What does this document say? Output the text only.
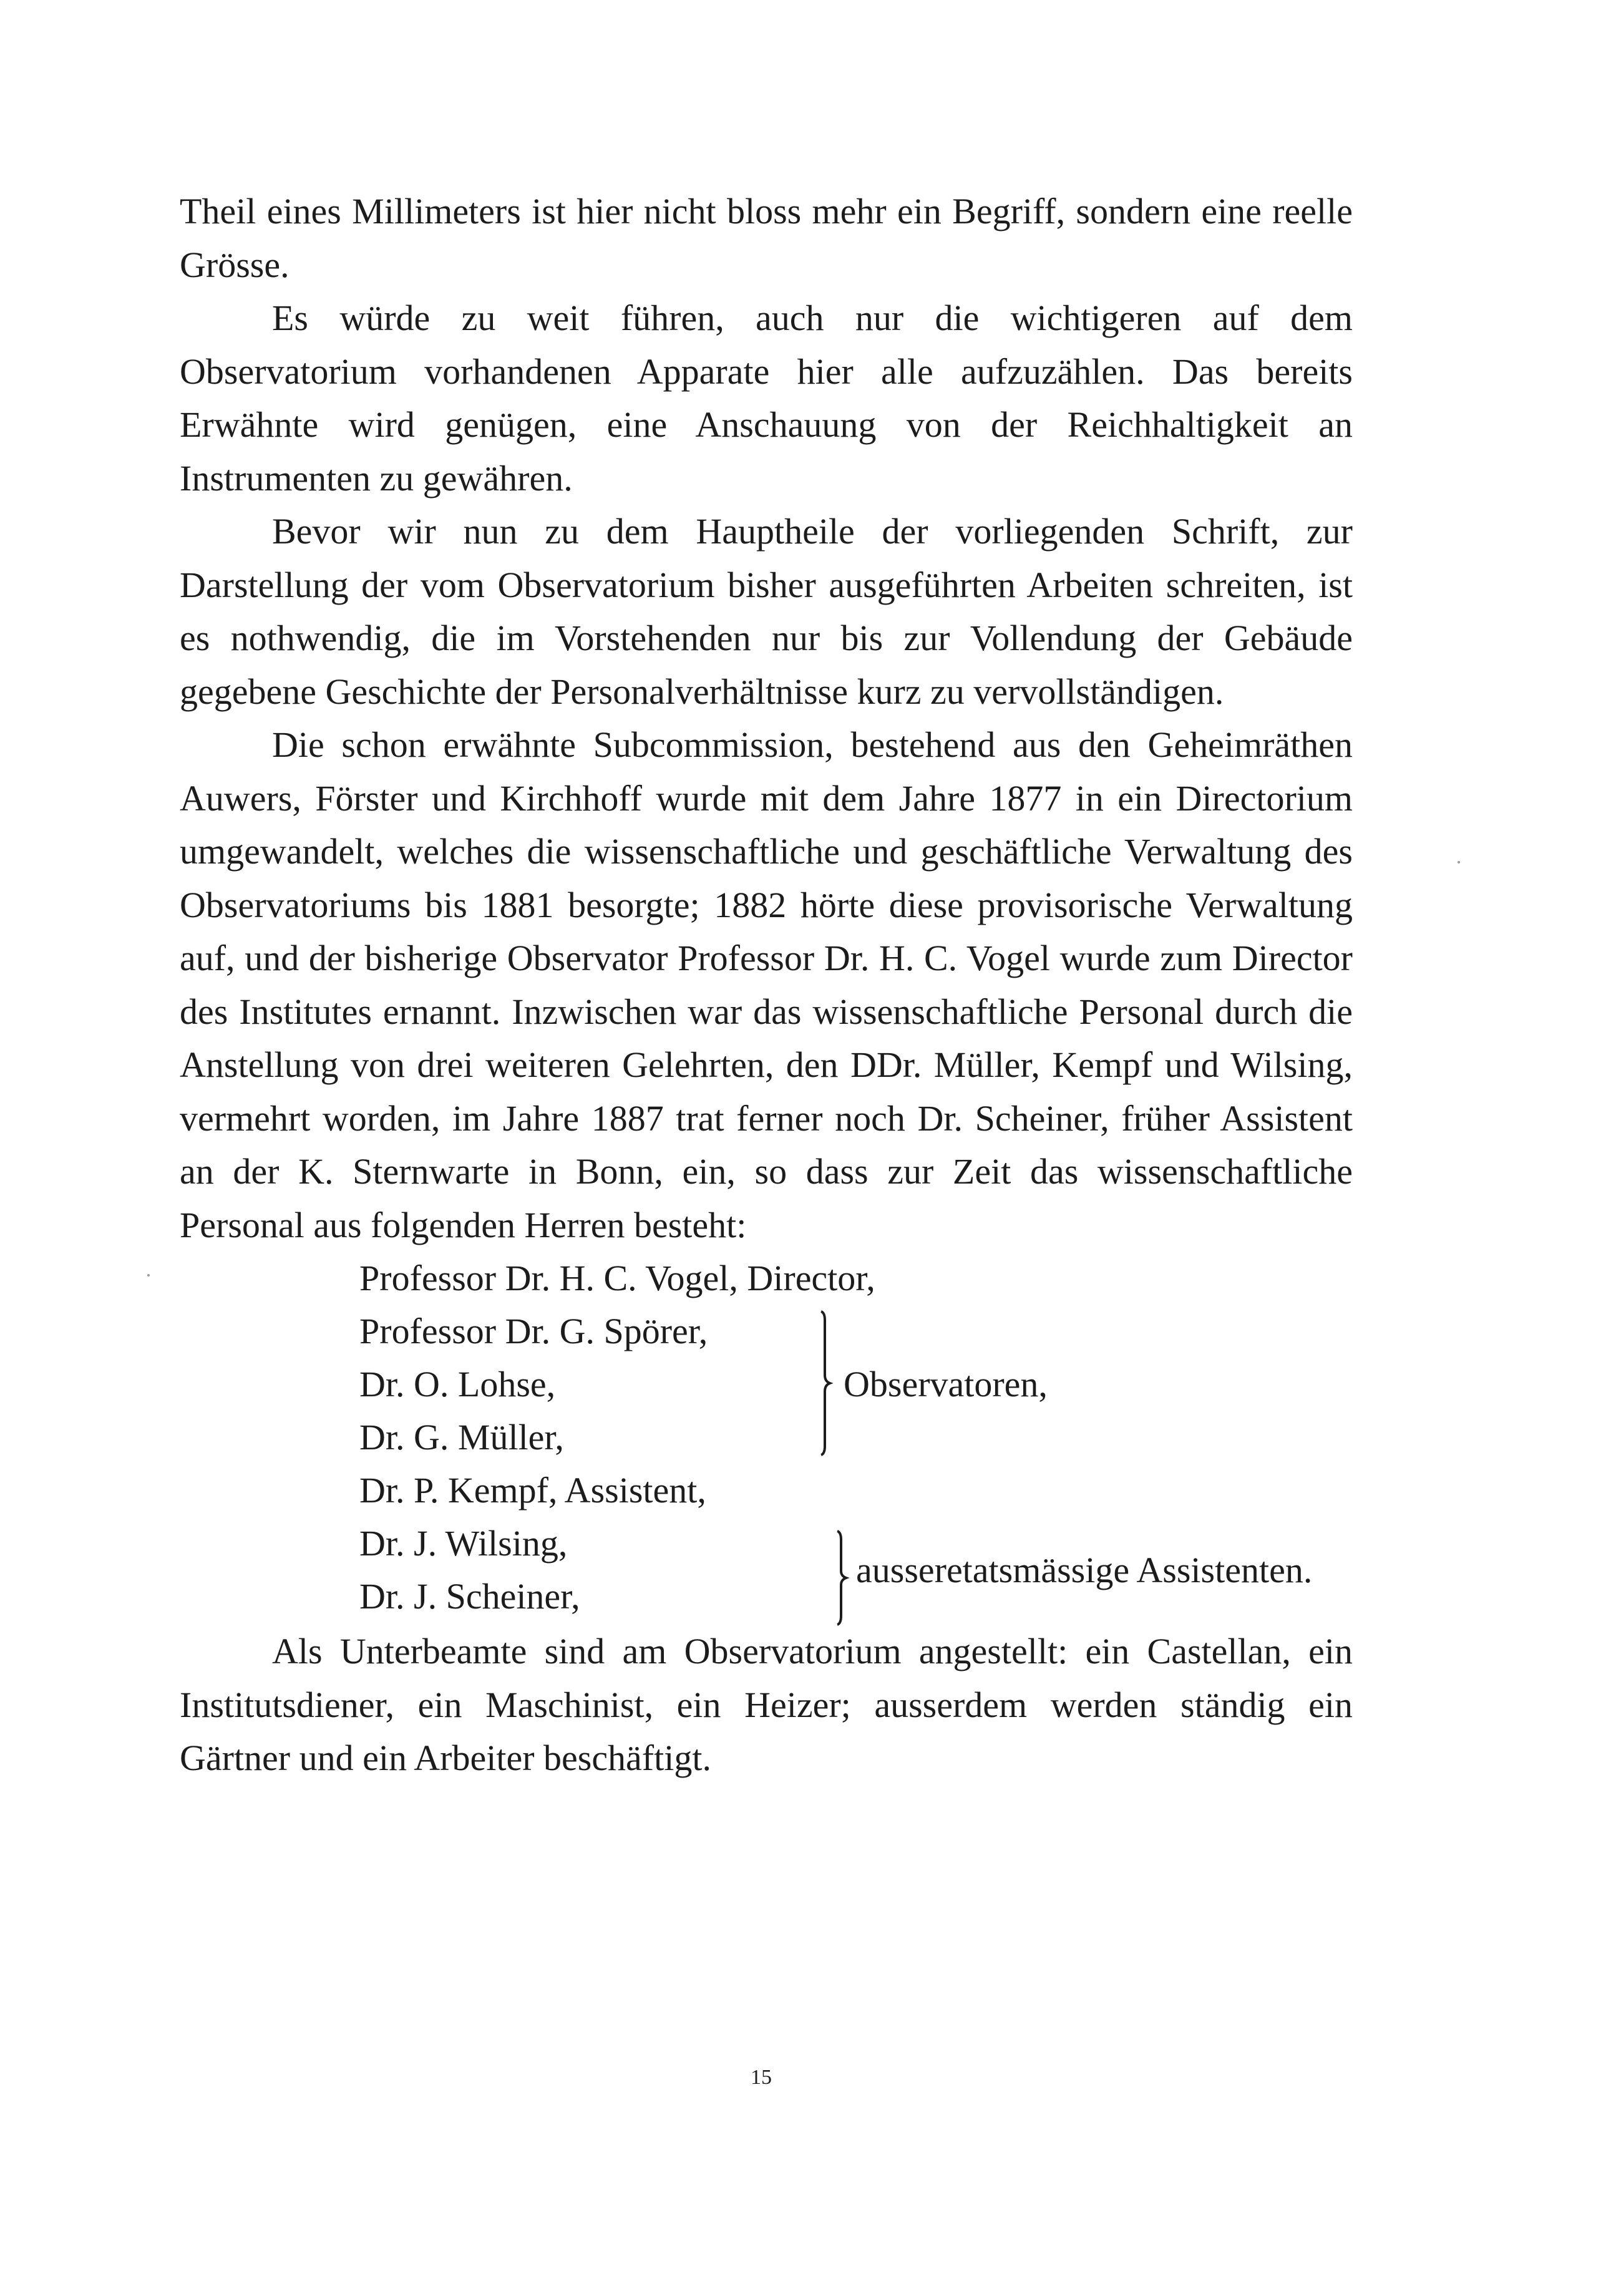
Theil eines Millimeters ist hier nicht bloss mehr ein Begriff, sondern eine reelle Grösse.

Es würde zu weit führen, auch nur die wichtigeren auf dem Observatorium vorhandenen Apparate hier alle aufzuzählen. Das bereits Erwähnte wird genügen, eine Anschauung von der Reichhaltigkeit an Instrumenten zu gewähren.

Bevor wir nun zu dem Hauptheile der vorliegenden Schrift, zur Darstellung der vom Observatorium bisher ausgeführten Arbeiten schreiten, ist es nothwendig, die im Vorstehenden nur bis zur Vollendung der Gebäude gegebene Geschichte der Personalverhältnisse kurz zu vervollständigen.

Die schon erwähnte Subcommission, bestehend aus den Geheimräthen Auwers, Förster und Kirchhoff wurde mit dem Jahre 1877 in ein Directorium umgewandelt, welches die wissenschaftliche und geschäftliche Verwaltung des Observatoriums bis 1881 besorgte; 1882 hörte diese provisorische Verwaltung auf, und der bisherige Observator Professor Dr. H. C. Vogel wurde zum Director des Institutes ernannt. Inzwischen war das wissenschaftliche Personal durch die Anstellung von drei weiteren Gelehrten, den DDr. Müller, Kempf und Wilsing, vermehrt worden, im Jahre 1887 trat ferner noch Dr. Scheiner, früher Assistent an der K. Sternwarte in Bonn, ein, so dass zur Zeit das wissenschaftliche Personal aus folgenden Herren besteht:

Professor Dr. H. C. Vogel, Director,
Professor Dr. G. Spörer,
Dr. O. Lohse,
Dr. G. Müller,
Dr. P. Kempf, Assistent,
Dr. J. Wilsing,
Dr. J. Scheiner,
Observatoren,
ausseretatsmässige Assistenten.

Als Unterbeamte sind am Observatorium angestellt: ein Castellan, ein Institutsdiener, ein Maschinist, ein Heizer; ausserdem werden ständig ein Gärtner und ein Arbeiter beschäftigt.

15
